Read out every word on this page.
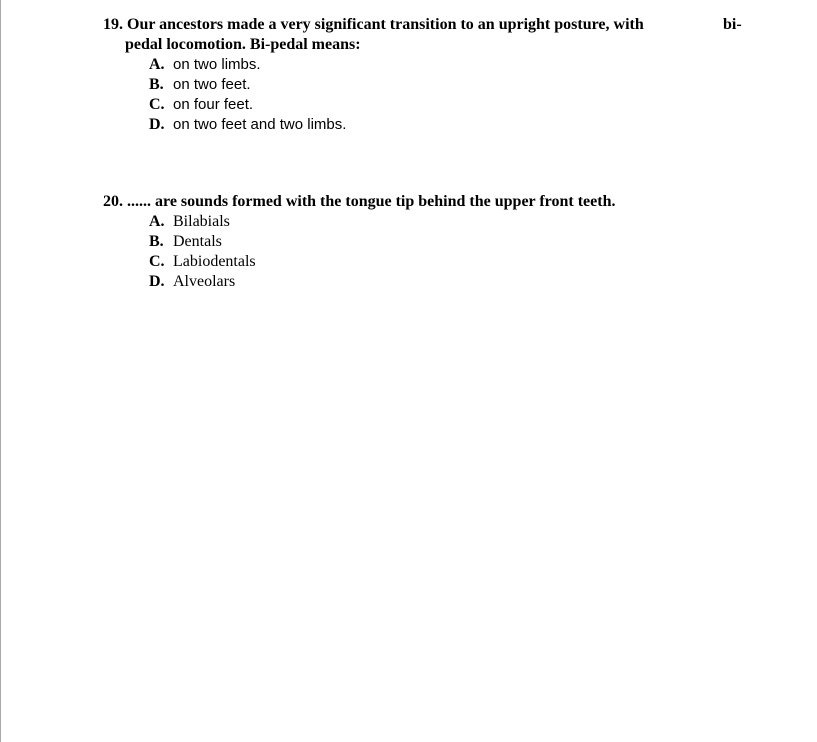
19. Our ancestors made a very significant transition to an upright posture, with	bi-
pedal locomotion. Bi-pedal means:
A. on two limbs.
B. on two feet.
C. on four feet.
D. on two feet and two limbs.
20. ...... are sounds formed with the tongue tip behind the upper front teeth.
A. Bilabials
B. Dentals
C. Labiodentals
D. Alveolars
